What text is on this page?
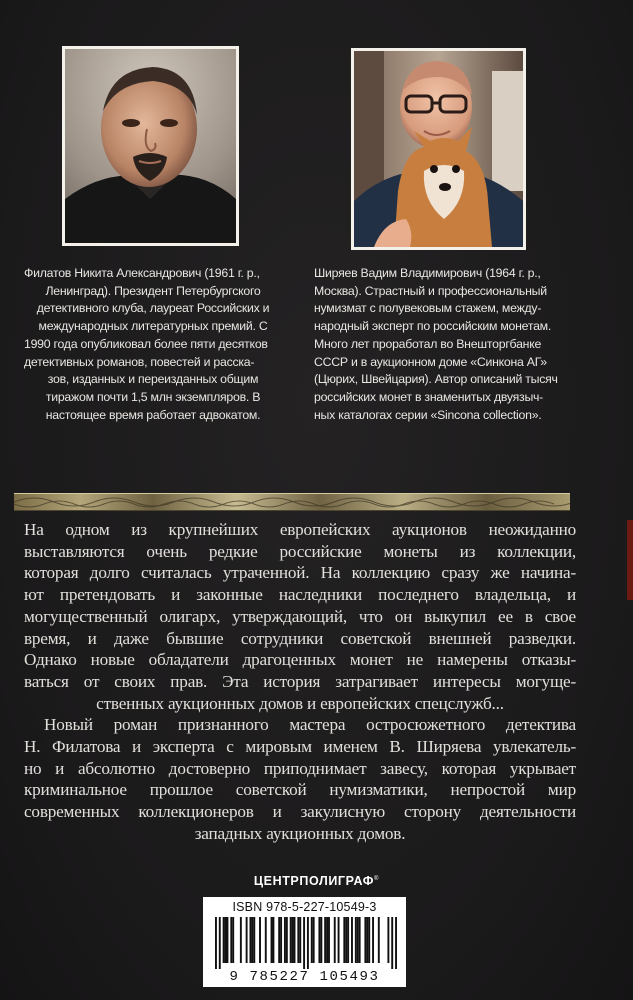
Филатов Никита Александрович (1961 г. р.,
Ленинград). Президент Петербургского
детективного клуба, лауреат Российских и
международных литературных премий. С
1990 года опубликовал более пяти десятков
детективных романов, повестей и расска-
зов, изданных и переизданных общим
тиражом почти 1,5 млн экземпляров. В
настоящее время работает адвокатом.
Ширяев Вадим Владимирович (1964 г. р.,
Москва). Страстный и профессиональный
нумизмат с полувековым стажем, между-
народный эксперт по российским монетам.
Много лет проработал во Внешторгбанке
СССР и в аукционном доме «Синкона АГ»
(Цюрих, Швейцария). Автор описаний тысяч
российских монет в знаменитых двуязыч-
ных каталогах серии «Sincona collection».
На одном из крупнейших европейских аукционов неожиданно
выставляются очень редкие российские монеты из коллекции,
которая долго считалась утраченной. На коллекцию сразу же начина-
ют претендовать и законные наследники последнего владельца, и
могущественный олигарх, утверждающий, что он выкупил ее в свое
время, и даже бывшие сотрудники советской внешней разведки.
Однако новые обладатели драгоценных монет не намерены отказы-
ваться от своих прав. Эта история затрагивает интересы могуще-
ственных аукционных домов и европейских спецслужб...
Новый роман признанного мастера остросюжетного детектива
Н. Филатова и эксперта с мировым именем В. Ширяева увлекатель-
но и абсолютно достоверно приподнимает завесу, которая укрывает
криминальное прошлое советской нумизматики, непростой мир
современных коллекционеров и закулисную сторону деятельности
западных аукционных домов.
ЦЕНТРПОЛИГРАФ®
ISBN 978-5-227-10549-3
9 785227 105493
